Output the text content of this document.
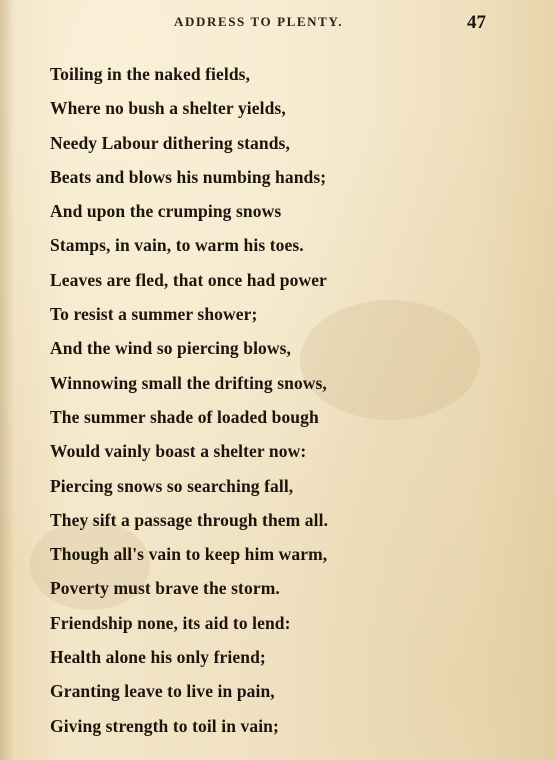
ADDRESS TO PLENTY.	47
Toiling in the naked fields,
Where no bush a shelter yields,
Needy Labour dithering stands,
Beats and blows his numbing hands;
And upon the crumping snows
Stamps, in vain, to warm his toes.
Leaves are fled, that once had power
To resist a summer shower;
And the wind so piercing blows,
Winnowing small the drifting snows,
The summer shade of loaded bough
Would vainly boast a shelter now:
Piercing snows so searching fall,
They sift a passage through them all.
Though all's vain to keep him warm,
Poverty must brave the storm.
Friendship none, its aid to lend:
Health alone his only friend;
Granting leave to live in pain,
Giving strength to toil in vain;
